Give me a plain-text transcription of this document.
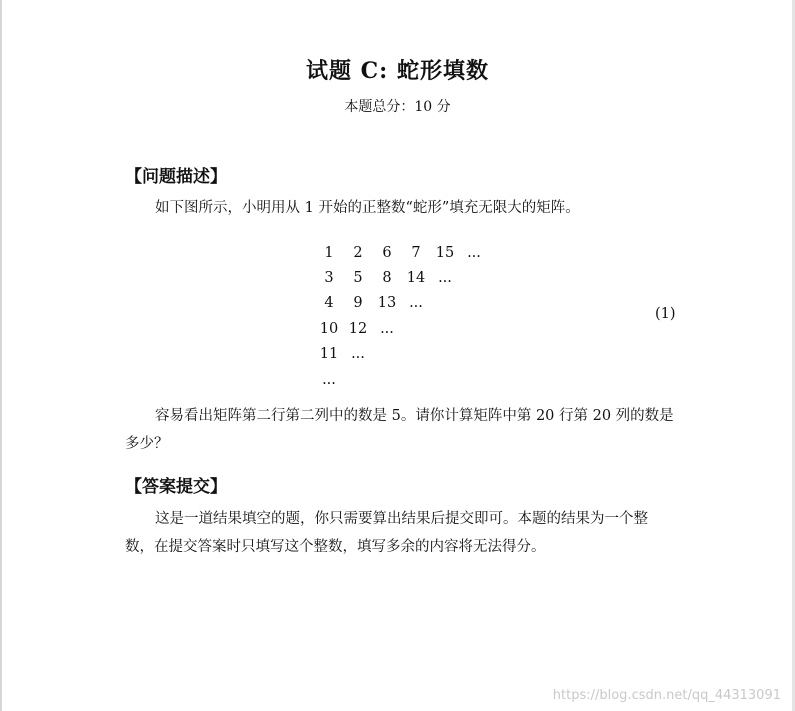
试题 C: 蛇形填数
本题总分：10 分
【问题描述】
如下图所示，小明用从 1 开始的正整数“蛇形”填充无限大的矩阵。
1	2	6	7	15 ...
3	5	8	14 ...
4	9	13 ...
10 12 ...
11 ...
...
(1)
容易看出矩阵第二行第二列中的数是 5。请你计算矩阵中第 20 行第 20 列的数是多少？
【答案提交】
这是一道结果填空的题，你只需要算出结果后提交即可。本题的结果为一个整数，在提交答案时只填写这个整数，填写多余的内容将无法得分。
https://blog.csdn.net/qq_44313091
